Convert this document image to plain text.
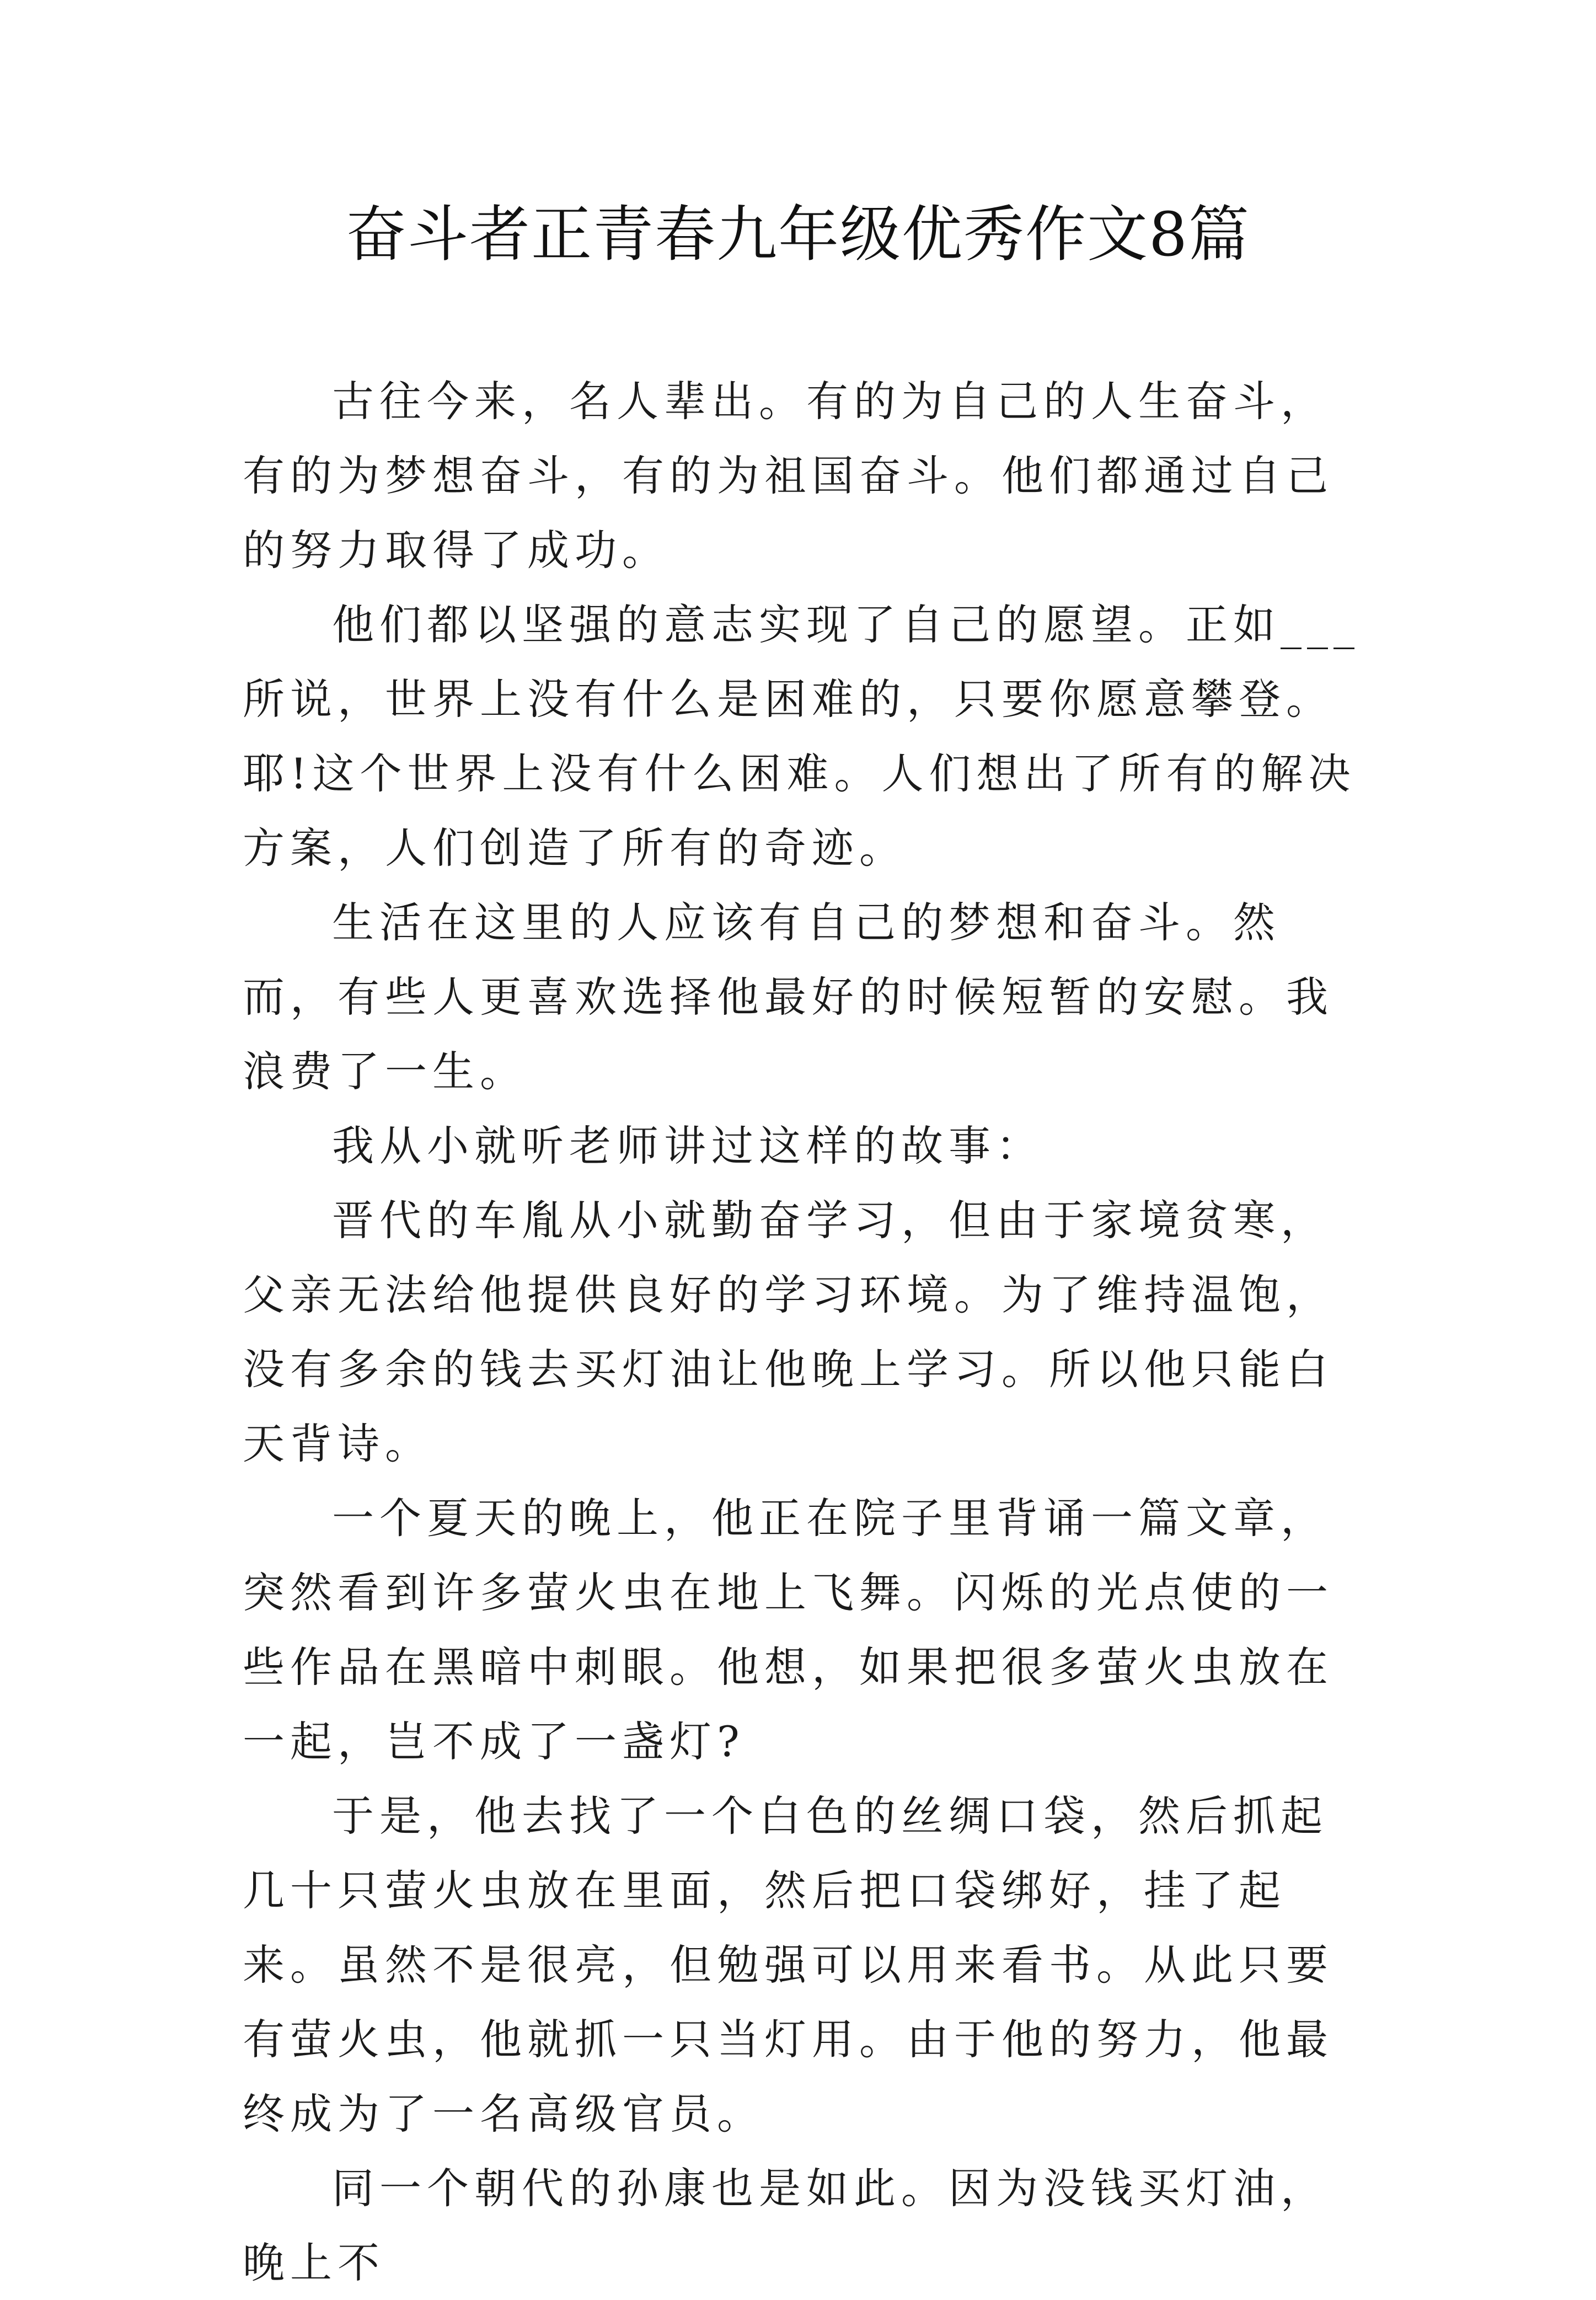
奋斗者正青春九年级优秀作文8篇

古往今来，名人辈出。有的为自己的人生奋斗，有的为梦想奋斗，有的为祖国奋斗。他们都通过自己的努力取得了成功。

他们都以坚强的意志实现了自己的愿望。正如___所说，世界上没有什么是困难的，只要你愿意攀登。耶!这个世界上没有什么困难。人们想出了所有的解决方案，人们创造了所有的奇迹。

生活在这里的人应该有自己的梦想和奋斗。然而，有些人更喜欢选择他最好的时候短暂的安慰。我浪费了一生。

我从小就听老师讲过这样的故事：

晋代的车胤从小就勤奋学习，但由于家境贫寒，父亲无法给他提供良好的学习环境。为了维持温饱，没有多余的钱去买灯油让他晚上学习。所以他只能白天背诗。

一个夏天的晚上，他正在院子里背诵一篇文章，突然看到许多萤火虫在地上飞舞。闪烁的光点使的一些作品在黑暗中刺眼。他想，如果把很多萤火虫放在一起，岂不成了一盏灯?

于是，他去找了一个白色的丝绸口袋，然后抓起几十只萤火虫放在里面，然后把口袋绑好，挂了起来。虽然不是很亮，但勉强可以用来看书。从此只要有萤火虫，他就抓一只当灯用。由于他的努力，他最终成为了一名高级官员。

同一个朝代的孙康也是如此。因为没钱买灯油，晚上不
